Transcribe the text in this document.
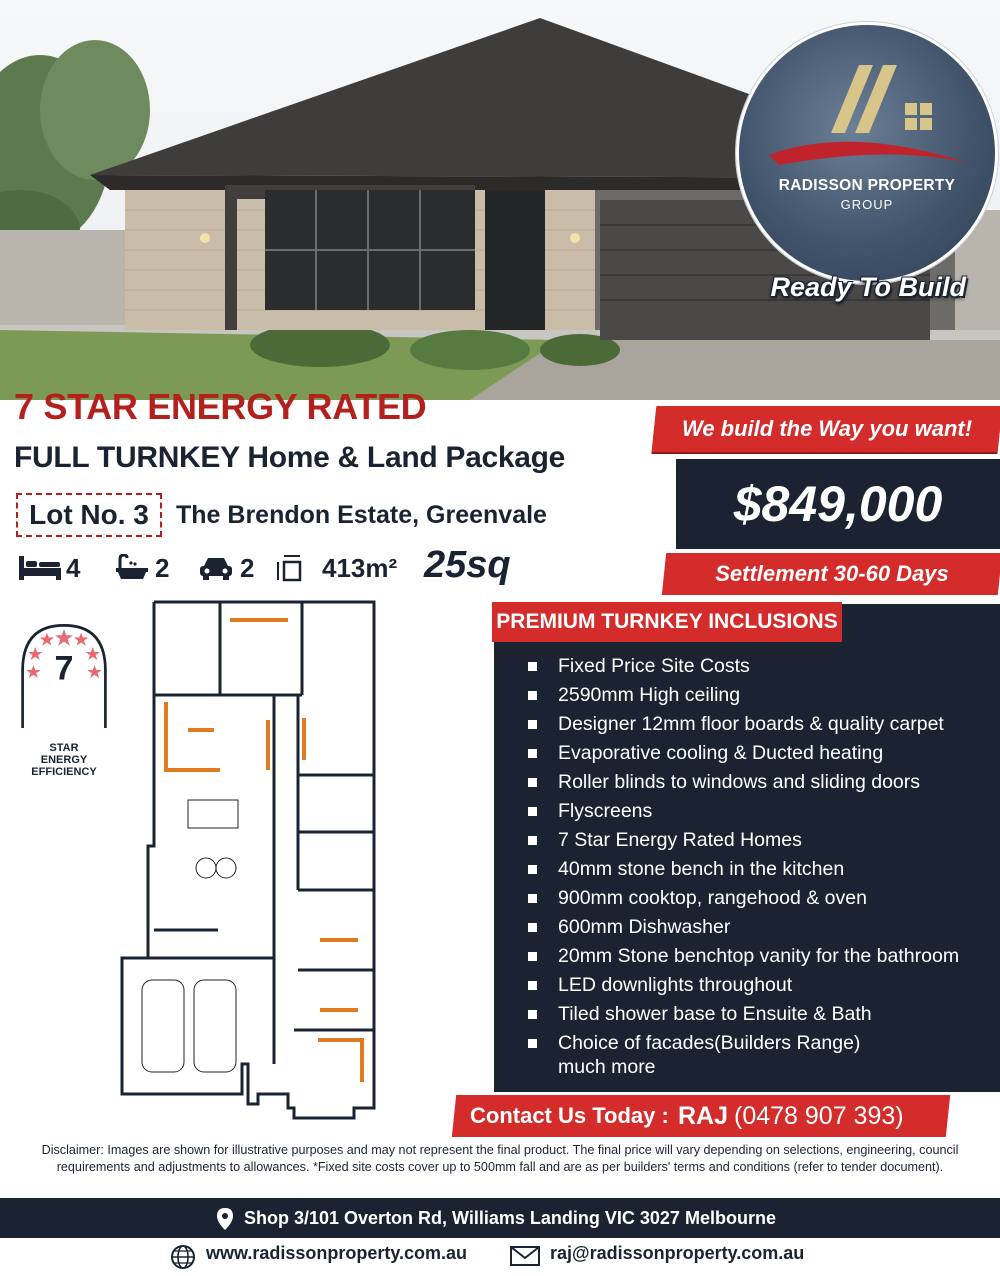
RADISSON PROPERTY
GROUP
Ready To Build
7 STAR ENERGY RATED
FULL TURNKEY Home & Land Package
Lot No. 3	The Brendon Estate, Greenvale
4	2	2	413m² 25sq
We build the Way you want!
$849,000
Settlement 30-60 Days
7
STAR
ENERGY
EFFICIENCY
PREMIUM TURNKEY INCLUSIONS
Fixed Price Site Costs
2590mm High ceiling
Designer 12mm floor boards & quality carpet
Evaporative cooling & Ducted heating
Roller blinds to windows and sliding doors
Flyscreens
7 Star Energy Rated Homes
40mm stone bench in the kitchen
900mm cooktop, rangehood & oven
600mm Dishwasher
20mm Stone benchtop vanity for the bathroom
LED downlights throughout
Tiled shower base to Ensuite & Bath
Choice of facades(Builders Range)
much more
Contact Us Today : RAJ (0478 907 393)
Disclaimer: Images are shown for illustrative purposes and may not represent the final product. The final price will vary depending on selections, engineering, council requirements and adjustments to allowances. *Fixed site costs cover up to 500mm fall and are as per builders' terms and conditions (refer to tender document).
Shop 3/101 Overton Rd, Williams Landing VIC 3027 Melbourne
www.radissonproperty.com.au	raj@radissonproperty.com.au
